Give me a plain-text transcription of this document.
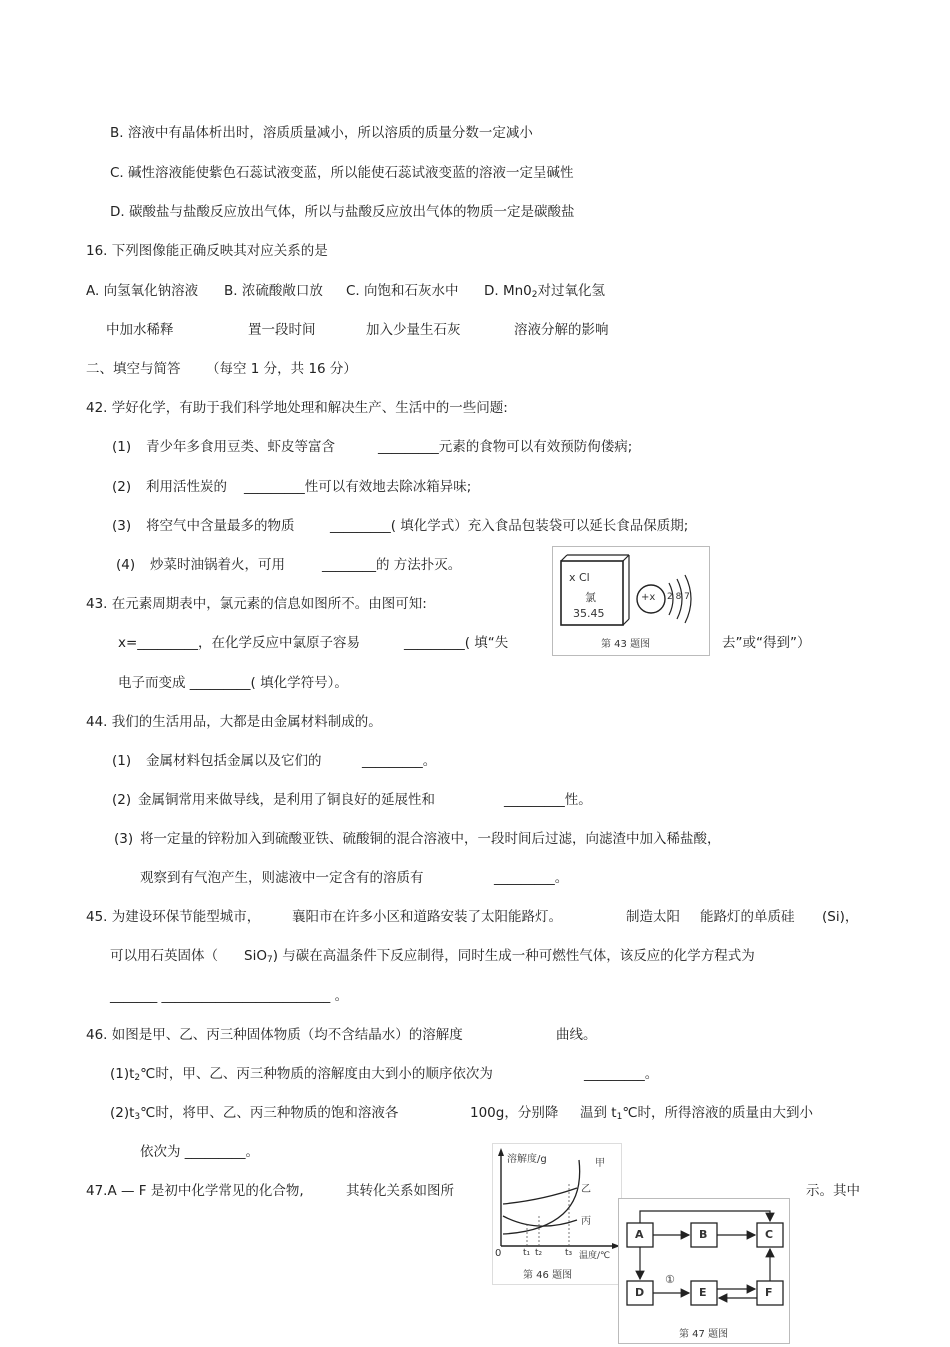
B. 溶液中有晶体析出时，溶质质量减小，所以溶质的质量分数一定减小
C. 碱性溶液能使紫色石蕊试液变蓝，所以能使石蕊试液变蓝的溶液一定呈碱性
D. 碳酸盐与盐酸反应放出气体，所以与盐酸反应放出气体的物质一定是碳酸盐
16. 下列图像能正确反映其对应关系的是
A. 向氢氧化钠溶液 B. 浓硫酸敞口放 C. 向饱和石灰水中 D. $Mn0_2$对过氧化氢
中加水稀释	置一段时间	加入少量生石灰	溶液分解的影响
二、填空与简答 （每空 1 分，共 16 分）
42. 学好化学，有助于我们科学地处理和解决生产、生活中的一些问题:
(1) 青少年多食用豆类、虾皮等富含	_________元素的食物可以有效预防佝偻病;
(2) 利用活性炭的 _________性可以有效地去除冰箱异味;
(3) 将空气中含量最多的物质	_________( 填化学式）充入食品包装袋可以延长食品保质期;
(4) 炒菜时油锅着火，可用	________的 方法扑灭。
x Cl
氯
35.45
+x 2 8 7
第 43 题图
43. 在元素周期表中，氯元素的信息如图所不。由图可知:
x=_________，在化学反应中氯原子容易	_________( 填“失	去”或“得到”）
电子而变成 _________( 填化学符号）。
44. 我们的生活用品，大都是由金属材料制成的。
(1) 金属材料包括金属以及它们的	_________。
(2) 金属铜常用来做导线，是利用了铜良好的延展性和	_________性。
(3) 将一定量的锌粉加入到硫酸亚铁、硫酸铜的混合溶液中，一段时间后过滤，向滤渣中加入稀盐酸，
观察到有气泡产生，则滤液中一定含有的溶质有	_________。
45. 为建设环保节能型城市， 襄阳市在许多小区和道路安装了太阳能路灯。	制造太阳 能路灯的单质硅 (Si)，
可以用石英固体（ SiO$_7$) 与碳在高温条件下反应制得，同时生成一种可燃性气体，该反应的化学方程式为
_______ _________________________ 。
46. 如图是甲、乙、丙三种固体物质（均不含结晶水）的溶解度	曲线。
$(1)t_2℃$时，甲、乙、丙三种物质的溶解度由大到小的顺序依次为	_________。
$(2)t_3℃$时，将甲、乙、丙三种物质的饱和溶液各	100g，分别降 温到 $t_1℃$时，所得溶液的质量由大到小
依次为 _________。	溶解度/g	甲
乙
丙
0 t₁ t₂	t₃ 温度/℃
第 46 题图
47.A — F 是初中化学常见的化合物,	其转化关系如图所	示。其中
A	B	C
D	E	F
①
第 47 题图
